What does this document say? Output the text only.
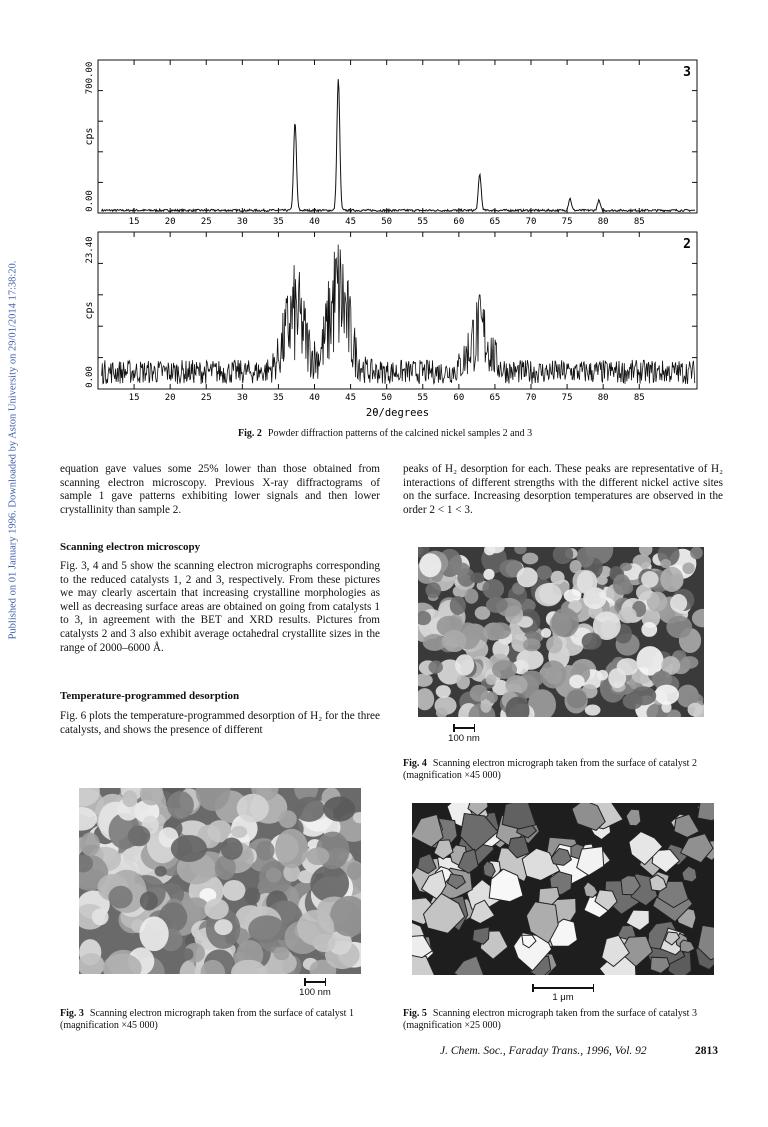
Published on 01 January 1996. Downloaded by Aston University on 29/01/2014 17:38:20.
15	20	25	30	35	40	45	50	55	60	65	70	75	80	85
0.00
700.00
cps
3
15	20	25	30	35	40	45	50	55	60	65	70	75	80	85
0.00
23.40
cps
2
2θ/degrees
Fig. 2 Powder diffraction patterns of the calcined nickel samples 2 and 3

equation gave values some 25% lower than those obtained from scanning electron microscopy. Previous X-ray diffractograms of sample 1 gave patterns exhibiting lower signals and then lower crystallinity than sample 2.

Scanning electron microscopy

Fig. 3, 4 and 5 show the scanning electron micrographs corresponding to the reduced catalysts 1, 2 and 3, respectively. From these pictures we may clearly ascertain that increasing crystalline morphologies as well as decreasing surface areas are obtained on going from catalysts 1 to 3, in agreement with the BET and XRD results. Pictures from catalysts 2 and 3 also exhibit average octahedral crystallite sizes in the range of 2000–6000 Å.

Temperature-programmed desorption

Fig. 6 plots the temperature-programmed desorption of H₂ for the three catalysts, and shows the presence of different

peaks of H₂ desorption for each. These peaks are representative of H₂ interactions of different strengths with the different nickel active sites on the surface. Increasing desorption temperatures are observed in the order 2 < 1 < 3.

100 nm
Fig. 4 Scanning electron micrograph taken from the surface of catalyst 2 (magnification ×45 000)
100 nm
Fig. 3 Scanning electron micrograph taken from the surface of catalyst 1 (magnification ×45 000)
1 μm
Fig. 5 Scanning electron micrograph taken from the surface of catalyst 3 (magnification ×25 000)
J. Chem. Soc., Faraday Trans., 1996, Vol. 92	2813
